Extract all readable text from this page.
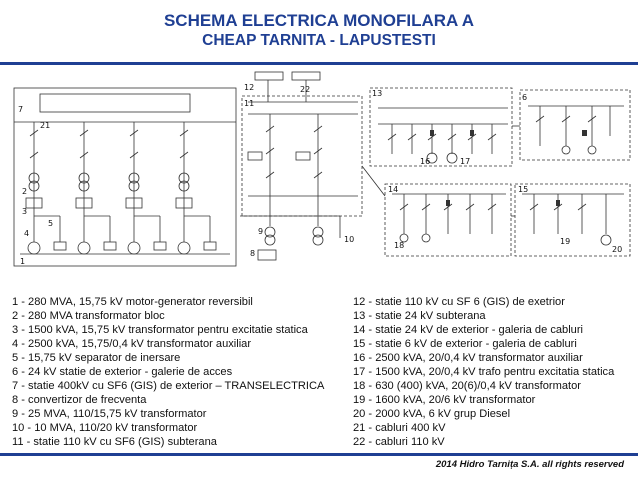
SCHEMA ELECTRICA MONOFILARA A
CHEAP TARNITA - LAPUSTESTI
7
21
2
3
4
1
5
12
11
9
10
8
13
16	17
6
14
18
15
19
20
22
1 - 280 MVA, 15,75 kV motor-generator reversibil
2 - 280 MVA transformator bloc
3 - 1500 kVA, 15,75 kV transformator pentru excitatie statica
4 - 2500 kVA, 15,75/0,4 kV transformator auxiliar
5 - 15,75 kV separator de inersare
6 - 24 kV statie de exterior - galerie de acces
7 - statie 400kV cu SF6 (GIS) de exterior – TRANSELECTRICA
8 - convertizor de frecventa
9 - 25 MVA, 110/15,75 kV transformator
10 - 10 MVA, 110/20 kV transformator
11 - statie 110 kV cu SF6 (GIS) subterana
12 - statie 110 kV cu SF 6 (GIS) de exetrior
13 - statie 24 kV subterana
14 - statie 24 kV de exterior - galeria de cabluri
15 - statie 6 kV de exterior - galeria de cabluri
16 - 2500 kVA, 20/0,4 kV transformator auxiliar
17 - 1500 kVA, 20/0,4 kV trafo pentru excitatia statica
18 - 630 (400) kVA, 20(6)/0,4 kV transformator
19 - 1600 kVA, 20/6 kV transformator
20 - 2000 kVA, 6 kV grup Diesel
21 - cabluri 400 kV
22 - cabluri 110 kV
2014 Hidro Tarnița S.A. all rights reserved
